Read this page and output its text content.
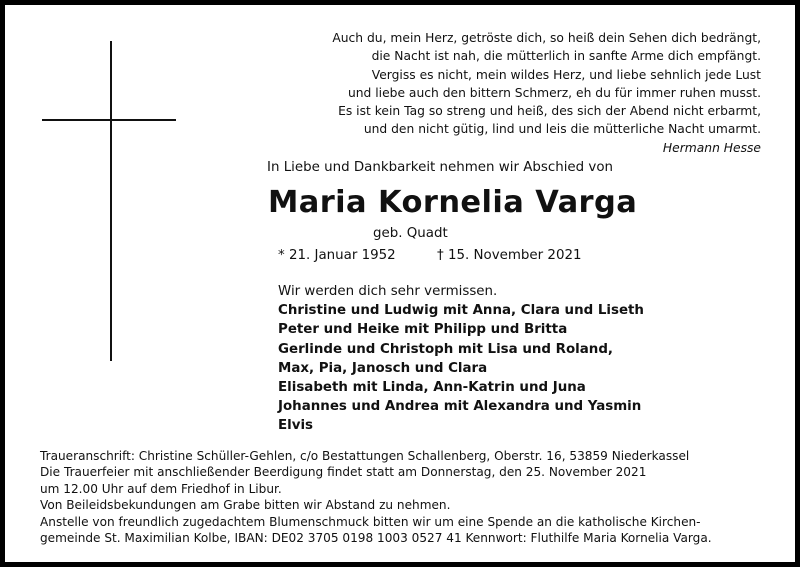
Auch du, mein Herz, getröste dich, so heiß dein Sehen dich bedrängt,
die Nacht ist nah, die mütterlich in sanfte Arme dich empfängt.
Vergiss es nicht, mein wildes Herz, und liebe sehnlich jede Lust
und liebe auch den bittern Schmerz, eh du für immer ruhen musst.
Es ist kein Tag so streng und heiß, des sich der Abend nicht erbarmt,
und den nicht gütig, lind und leis die mütterliche Nacht umarmt.
Hermann Hesse
In Liebe und Dankbarkeit nehmen wir Abschied von
Maria Kornelia Varga
geb. Quadt
* 21. Januar 1952	† 15. November 2021
Wir werden dich sehr vermissen.
Christine und Ludwig mit Anna, Clara und Liseth
Peter und Heike mit Philipp und Britta
Gerlinde und Christoph mit Lisa und Roland,
Max, Pia, Janosch und Clara
Elisabeth mit Linda, Ann-Katrin und Juna
Johannes und Andrea mit Alexandra und Yasmin
Elvis
Traueranschrift: Christine Schüller-Gehlen, c/o Bestattungen Schallenberg, Oberstr. 16, 53859 Niederkassel
Die Trauerfeier mit anschließender Beerdigung findet statt am Donnerstag, den 25. November 2021
um 12.00 Uhr auf dem Friedhof in Libur.
Von Beileidsbekundungen am Grabe bitten wir Abstand zu nehmen.
Anstelle von freundlich zugedachtem Blumenschmuck bitten wir um eine Spende an die katholische Kirchen-
gemeinde St. Maximilian Kolbe, IBAN: DE02 3705 0198 1003 0527 41 Kennwort: Fluthilfe Maria Kornelia Varga.
